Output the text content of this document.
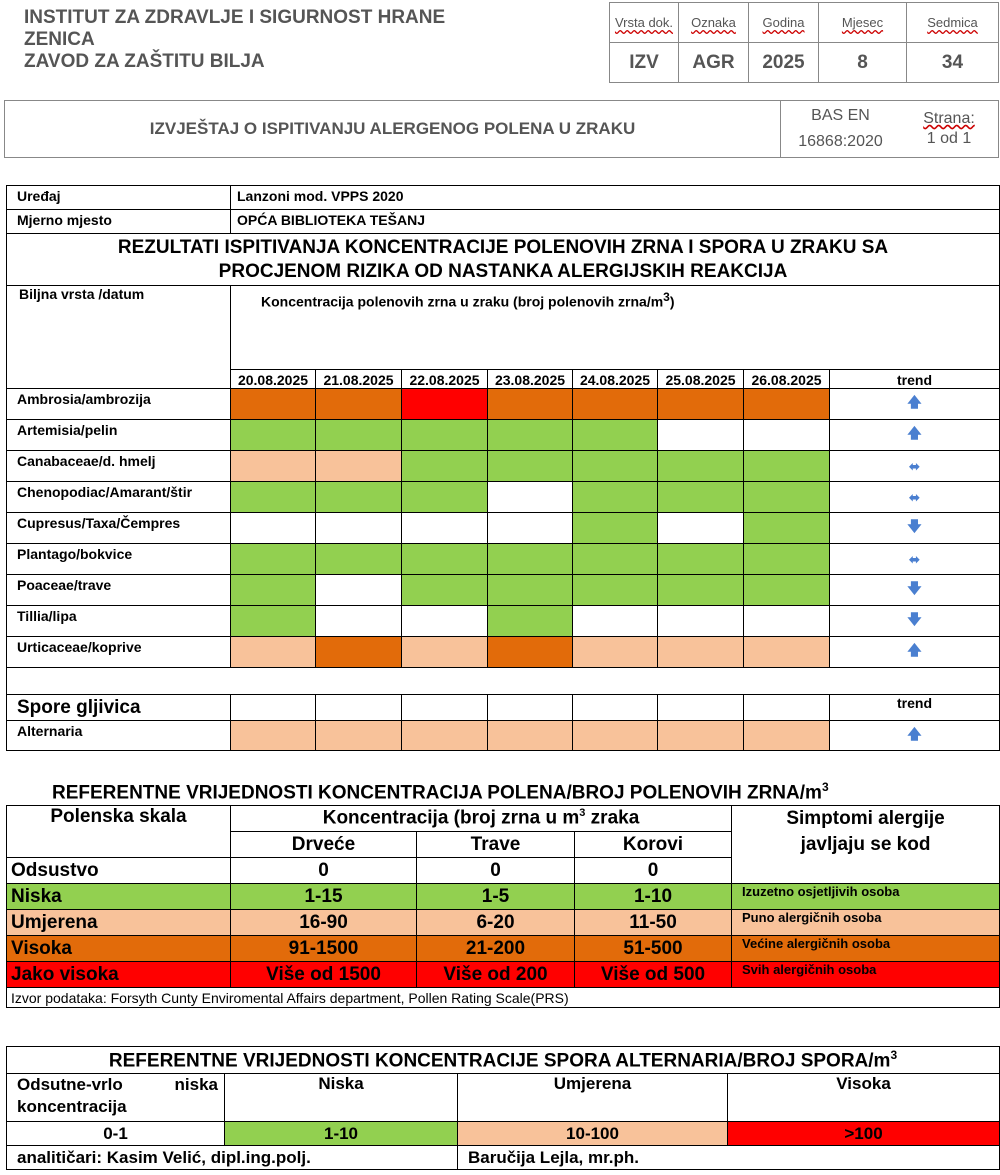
INSTITUT ZA ZDRAVLJE I SIGURNOST HRANE
ZENICA
ZAVOD ZA ZAŠTITU BILJA
Vrsta dok.	Oznaka	Godina	Mjesec	Sedmica
IZV	AGR	2025	8	34
IZVJEŠTAJ O ISPITIVANJU ALERGENOG POLENA U ZRAKU
BAS EN
16868:2020
Strana:
1 od 1
Uređaj	Lanzoni mod. VPPS 2020							
Mjerno mjesto	OPĆA BIBLIOTEKA TEŠANJ							

REZULTATI ISPITIVANJA KONCENTRACIJE POLENOVIH ZRNA I SPORA U ZRAKU SA
PROCJENOM RIZIKA OD NASTANKA ALERGIJSKIH REAKCIJA								

Biljna vrsta /datum	Koncentracija polenovih zrna u zraku (broj polenovih zrna/$m^3$)							
	20.08.2025	21.08.2025	22.08.2025	23.08.2025	24.08.2025	25.08.2025	26.08.2025	trend
Ambrosia/ambrozija								🡅
Artemisia/pelin								🡅
Canabaceae/d. hmelj								⬌
Chenopodiac/Amarant/štir								⬌
Cupresus/Taxa/Čempres								🡇
Plantago/bokvice								⬌
Poaceae/trave								🡇
Tillia/lipa								🡇
Urticaceae/koprive								🡅

Spore gljivica								trend
Alternaria								🡅
REFERENTNE VRIJEDNOSTI KONCENTRACIJA POLENA/BROJ POLENOVIH ZRNA/$m^3$
Polenska skala	Koncentracija (broj zrna u $m^3$ zraka			Simptomi alergije
javljaju se kod

	Drveće	Trave	Korovi	
Odsustvo	0	0	0	
Niska	1-15	1-5	1-10	Izuzetno osjetljivih osoba
Umjerena	16-90	6-20	11-50	Puno alergičnih osoba
Visoka	91-1500	21-200	51-500	Većine alergičnih osoba
Jako visoka	Više od 1500	Više od 200	Više od 500	Svih alergičnih osoba
Izvor podataka: Forsyth Cunty Enviromental Affairs department, Pollen Rating Scale(PRS)				
REFERENTNE VRIJEDNOSTI KONCENTRACIJE SPORA ALTERNARIA/BROJ SPORA/$m^3$
Odsutne-vrlo niska koncentracija	Niska	Umjerena	Visoka
0-1	1-10	10-100	>100
analitičari: Kasim Velić, dipl.ing.polj.		Baručija Lejla, mr.ph.	
